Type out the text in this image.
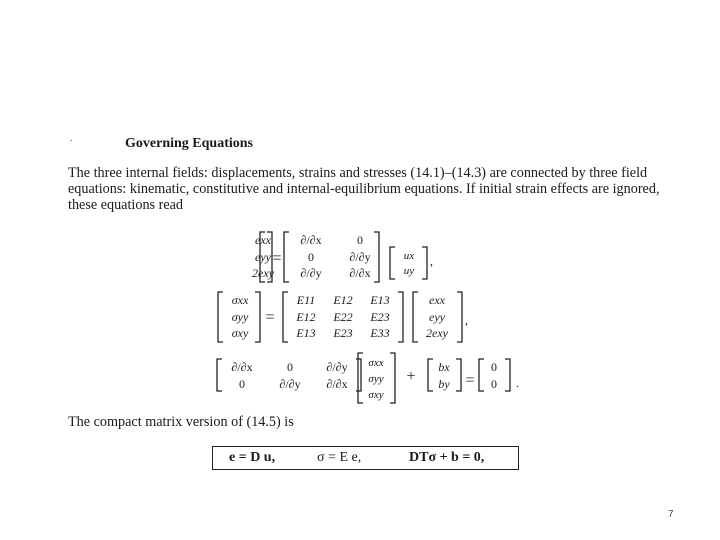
Governing Equations
The three internal fields: displacements, strains and stresses (14.1)–(14.3) are connected by three field equations: kinematic, constitutive and internal-equilibrium equations. If initial strain effects are ignored, these equations read
exx
eyy
2exy
=
∂/∂x	0
0	∂/∂y
∂/∂y ∂/∂x
ux
uy
,
σxx
σyy
σxy
=
E11 E12 E13
E12 E22 E23
E13 E23 E33
exx
eyy
2exy
,
∂/∂x	0	∂/∂y
0	∂/∂y ∂/∂x
σxx
σyy
σxy
+
bx
by =
0
0 .
The compact matrix version of (14.5) is
e = D u,	σ = E e,	DTσ + b = 0,
7
